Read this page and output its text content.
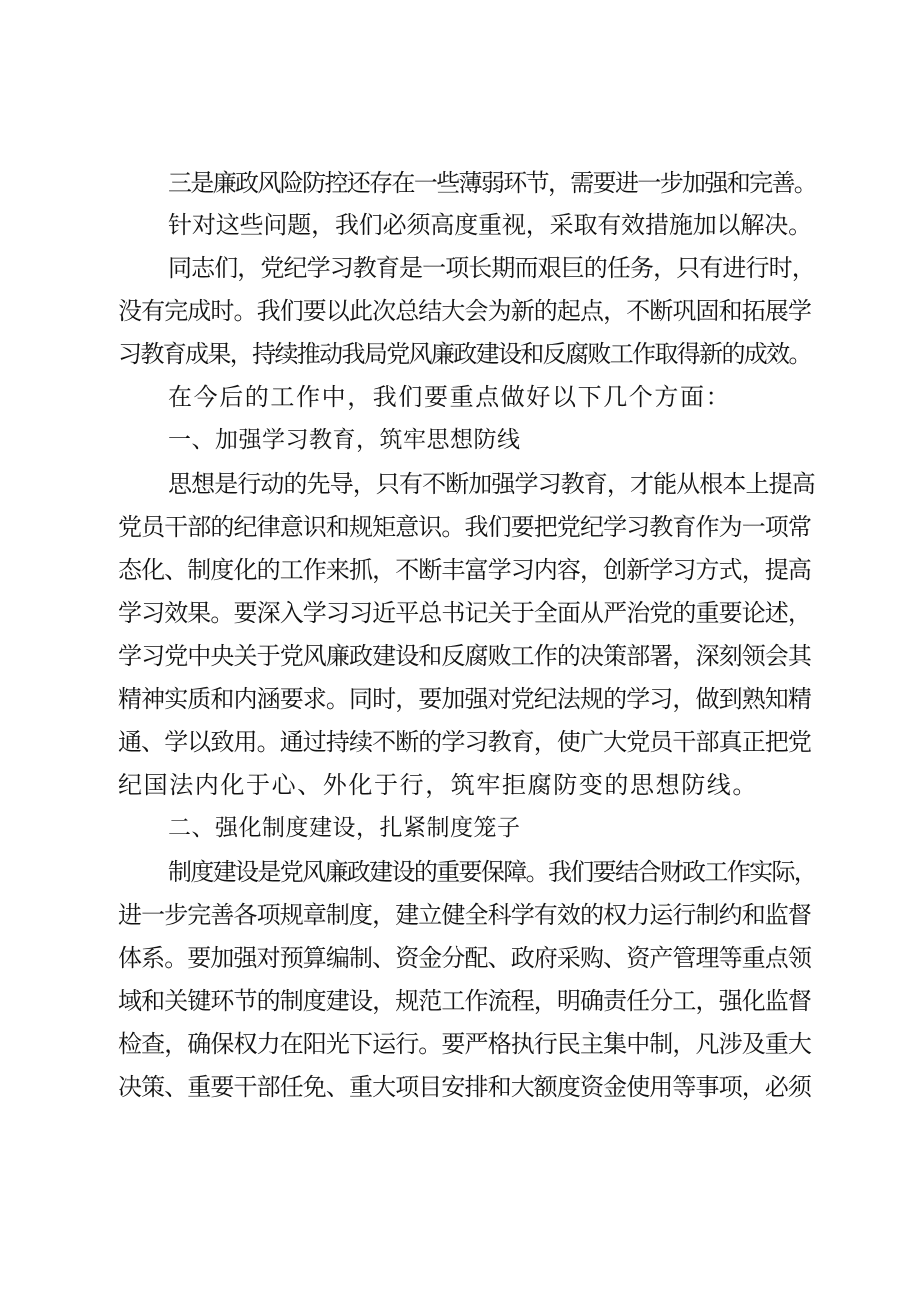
三是廉政风险防控还存在一些薄弱环节，需要进一步加强和完善。
针对这些问题，我们必须高度重视，采取有效措施加以解决。
同志们，党纪学习教育是一项长期而艰巨的任务，只有进行时，
没有完成时。我们要以此次总结大会为新的起点，不断巩固和拓展学
习教育成果，持续推动我局党风廉政建设和反腐败工作取得新的成效。
在今后的工作中，我们要重点做好以下几个方面：
一、加强学习教育，筑牢思想防线
思想是行动的先导，只有不断加强学习教育，才能从根本上提高
党员干部的纪律意识和规矩意识。我们要把党纪学习教育作为一项常
态化、制度化的工作来抓，不断丰富学习内容，创新学习方式，提高
学习效果。要深入学习习近平总书记关于全面从严治党的重要论述，
学习党中央关于党风廉政建设和反腐败工作的决策部署，深刻领会其
精神实质和内涵要求。同时，要加强对党纪法规的学习，做到熟知精
通、学以致用。通过持续不断的学习教育，使广大党员干部真正把党
纪国法内化于心、外化于行，筑牢拒腐防变的思想防线。
二、强化制度建设，扎紧制度笼子
制度建设是党风廉政建设的重要保障。我们要结合财政工作实际，
进一步完善各项规章制度，建立健全科学有效的权力运行制约和监督
体系。要加强对预算编制、资金分配、政府采购、资产管理等重点领
域和关键环节的制度建设，规范工作流程，明确责任分工，强化监督
检查，确保权力在阳光下运行。要严格执行民主集中制，凡涉及重大
决策、重要干部任免、重大项目安排和大额度资金使用等事项，必须
